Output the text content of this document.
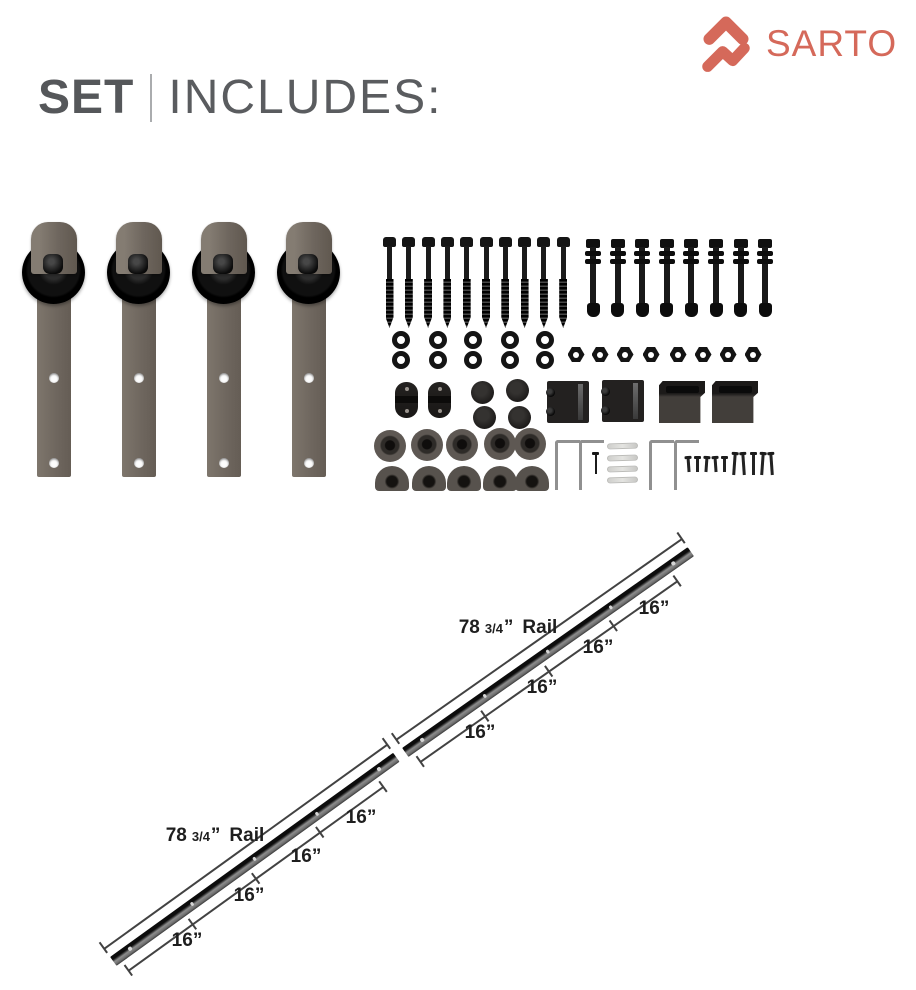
SET INCLUDES:
SARTO
78 3/4” Rail
16”
16”
16”
16”
78 3/4” Rail
16”
16”
16”
16”
